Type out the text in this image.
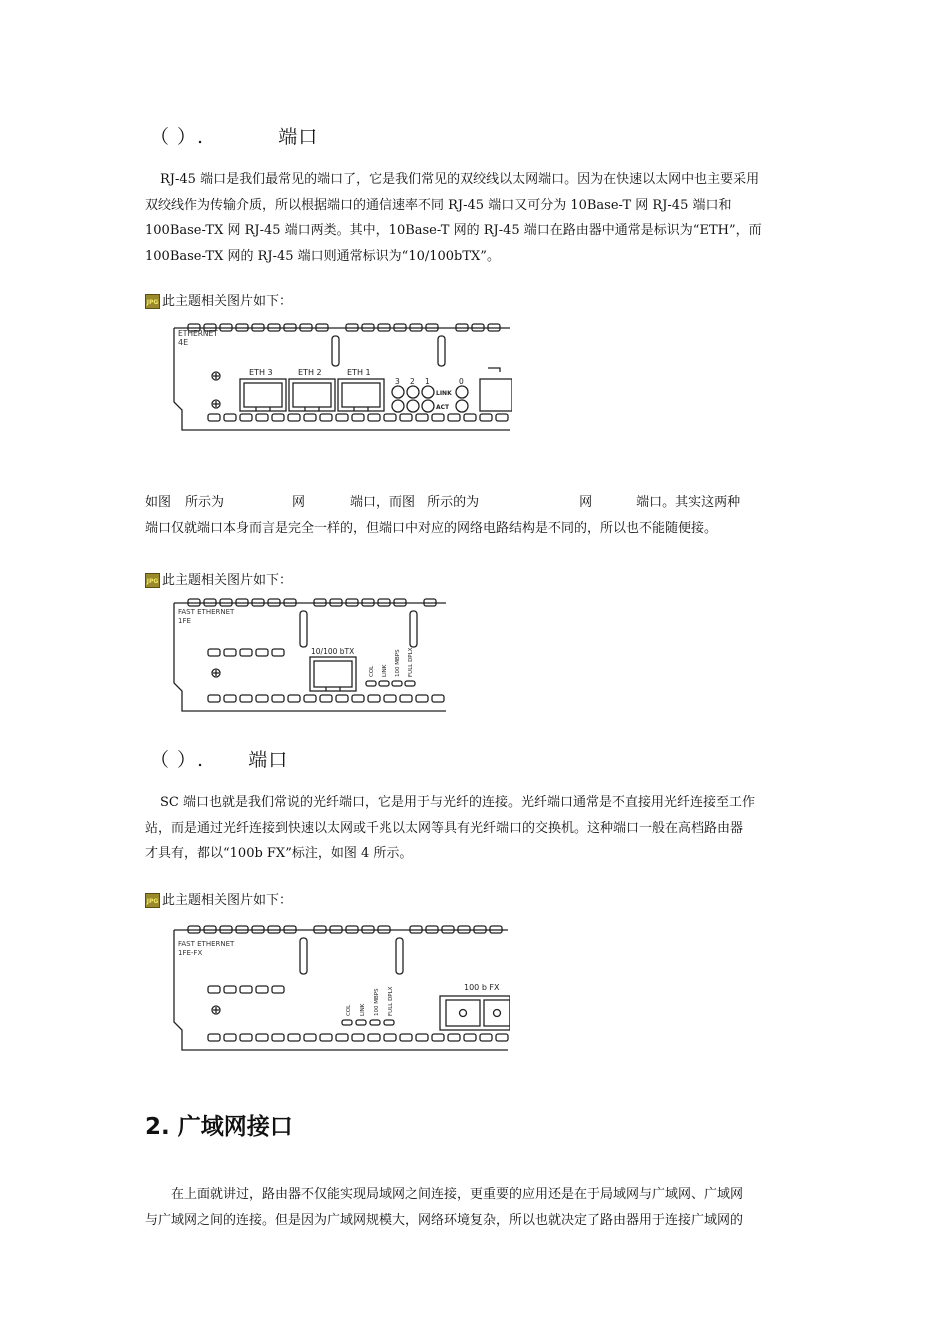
（ ）.	端口

RJ-45 端口是我们最常见的端口了，它是我们常见的双绞线以太网端口。因为在快速以太网中也主要采用

双绞线作为传输介质，所以根据端口的通信速率不同 RJ-45 端口又可分为 10Base-T 网 RJ-45 端口和

100Base-TX 网 RJ-45 端口两类。其中，10Base-T 网的 RJ-45 端口在路由器中通常是标识为“ETH”，而

100Base-TX 网的 RJ-45 端口则通常标识为“10/100bTX”。

JPG 此主题相关图片如下：
ETHERNET
4E
ETH 3	ETH 2	ETH 1
3 2 1	0
LINK
ACT
如图 所示为	网	端口，而图 所示的为	网	端口。其实这两种
端口仅就端口本身而言是完全一样的，但端口中对应的网络电路结构是不同的，所以也不能随便接。
JPG 此主题相关图片如下：
FAST ETHERNET
1FE
10/100 bTX
COL LINK 100 MBPS FULL DPLX
（ ）. 端口

SC 端口也就是我们常说的光纤端口，它是用于与光纤的连接。光纤端口通常是不直接用光纤连接至工作

站，而是通过光纤连接到快速以太网或千兆以太网等具有光纤端口的交换机。这种端口一般在高档路由器

才具有，都以“100b FX”标注，如图 4 所示。

JPG 此主题相关图片如下：
FAST ETHERNET
1FE-FX
100 b FX
COL LINK 100 MBPS FULL DPLX
2. 广域网接口

在上面就讲过，路由器不仅能实现局域网之间连接，更重要的应用还是在于局域网与广域网、广域网

与广域网之间的连接。但是因为广域网规模大，网络环境复杂，所以也就决定了路由器用于连接广域网的
